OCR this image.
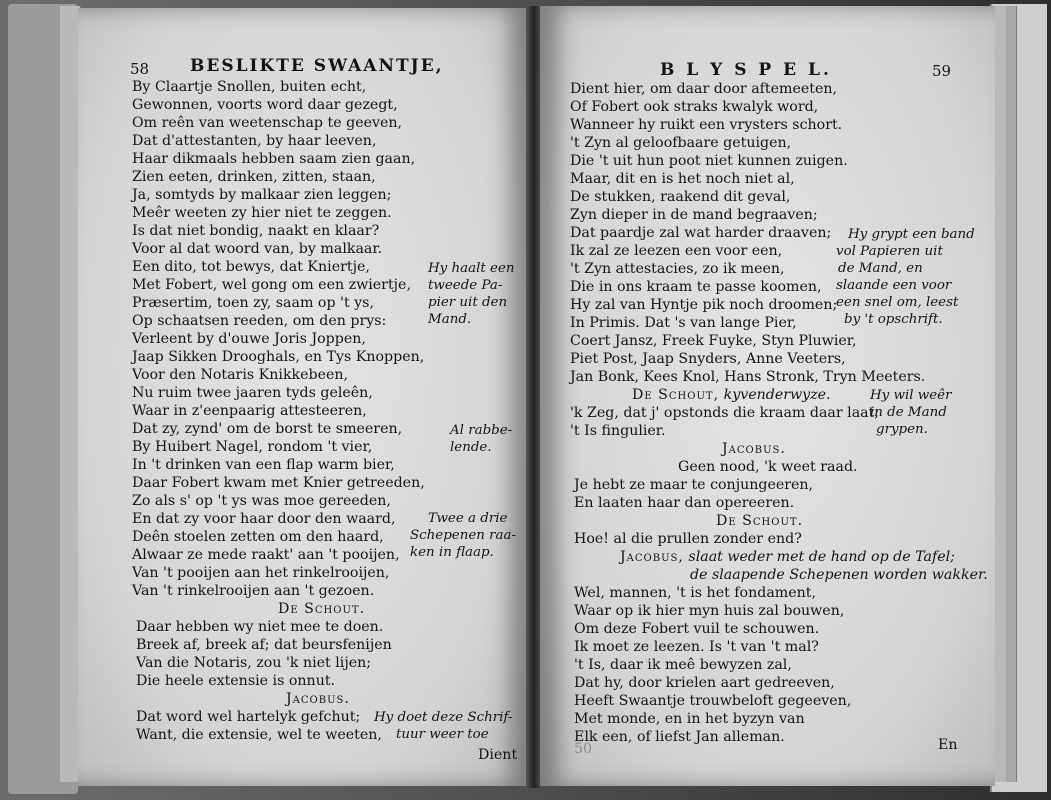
58 BESLIKTE SWAANTJE,
By Claartje Snollen, buiten echt,
Gewonnen, voorts word daar gezegt,
Om reên van weetenschap te geeven,
Dat d'attestanten, by haar leeven,
Haar dikmaals hebben saam zien gaan,
Zien eeten, drinken, zitten, staan,
Ja, somtyds by malkaar zien leggen;
Meêr weeten zy hier niet te zeggen.
Is dat niet bondig, naakt en klaar?
Voor al dat woord van, by malkaar.
Een dito, tot bewys, dat Kniertje,
Met Fobert, wel gong om een zwiertje,
Præsertim, toen zy, saam op 't ys,
Op schaatsen reeden, om den prys:
Verleent by d'ouwe Joris Joppen,
Jaap Sikken Drooghals, en Tys Knoppen,
Voor den Notaris Knikkebeen,
Nu ruim twee jaaren tyds geleên,
Waar in z'eenpaarig attesteeren,
Dat zy, zynd' om de borst te smeeren,
By Huibert Nagel, rondom 't vier,
In 't drinken van een flap warm bier,
Daar Fobert kwam met Knier getreeden,
Zo als s' op 't ys was moe gereeden,
En dat zy voor haar door den waard,
Deên stoelen zetten om den haard,
Alwaar ze mede raakt' aan 't pooijen,
Van 't pooijen aan het rinkelrooijen,
Van 't rinkelrooijen aan 't gezoen.
De Schout.
Daar hebben wy niet mee te doen.
Breek af, breek af; dat beursfenijen
Van die Notaris, zou 'k niet lijen;
Die heele extensie is onnut.
Jacobus.
Dat word wel hartelyk gefchut;
Want, die extensie, wel te weeten,
Dient
Hy haalt een
tweede Pa-
pier uit den
Mand.
Al rabbe-
lende.
Twee a drie
Schepenen raa-
ken in flaap.
Hy doet deze Schrif-
tuur weer toe
B L Y S P E L.	59
Dient hier, om daar door aftemeeten,
Of Fobert ook straks kwalyk word,
Wanneer hy ruikt een vrysters schort.
't Zyn al geloofbaare getuigen,
Die 't uit hun poot niet kunnen zuigen.
Maar, dit en is het noch niet al,
De stukken, raakend dit geval,
Zyn dieper in de mand begraaven;
Dat paardje zal wat harder draaven;
Ik zal ze leezen een voor een,
't Zyn attestacies, zo ik meen,
Die in ons kraam te passe koomen,
Hy zal van Hyntje pik noch droomen;
In Primis. Dat 's van lange Pier,
Coert Jansz, Freek Fuyke, Styn Pluwier,
Piet Post, Jaap Snyders, Anne Veeters,
Jan Bonk, Kees Knol, Hans Stronk, Tryn Meeters.
De Schout, kyvenderwyze.
'k Zeg, dat j' opstonds die kraam daar laat;
't Is fingulier.
Jacobus.
Geen nood, 'k weet raad.
Je hebt ze maar te conjungeeren,
En laaten haar dan opereeren.
De Schout.
Hoe! al die prullen zonder end?
Jacobus, slaat weder met de hand op de Tafel;
de slaapende Schepenen worden wakker.
Wel, mannen, 't is het fondament,
Waar op ik hier myn huis zal bouwen,
Om deze Fobert vuil te schouwen.
Ik moet ze leezen. Is 't van 't mal?
't Is, daar ik meê bewyzen zal,
Dat hy, door krielen aart gedreeven,
Heeft Swaantje trouwbeloft gegeeven,
Met monde, en in het byzyn van
Elk een, of liefst Jan alleman.
50	En
Hy grypt een band
vol Papieren uit
de Mand, en
slaande een voor
een snel om, leest
by 't opschrift.
Hy wil weêr
in de Mand
grypen.
